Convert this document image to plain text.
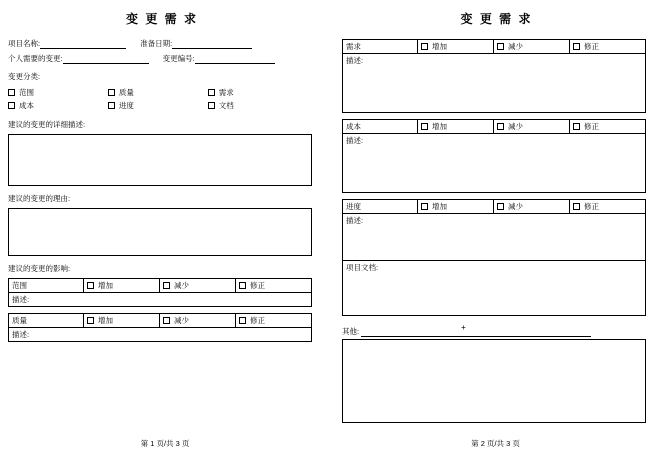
变 更 需 求
项目名称:	准备日期:
个人需要的变更:	变更编号:
变更分类:
范围	质量	需求
成本	进度	文档
建议的变更的详细描述:
建议的变更的理由:
建议的变更的影响:
范围	增加	减少	修正

描述:
质量	增加	减少	修正

描述:
第 1 页/共 3 页
变 更 需 求
需求	增加	减少	修正

描述:
成本	增加	减少	修正

描述:
进度	增加	减少	修正

描述:
项目文档:
其他:	+
第 2 页/共 3 页
